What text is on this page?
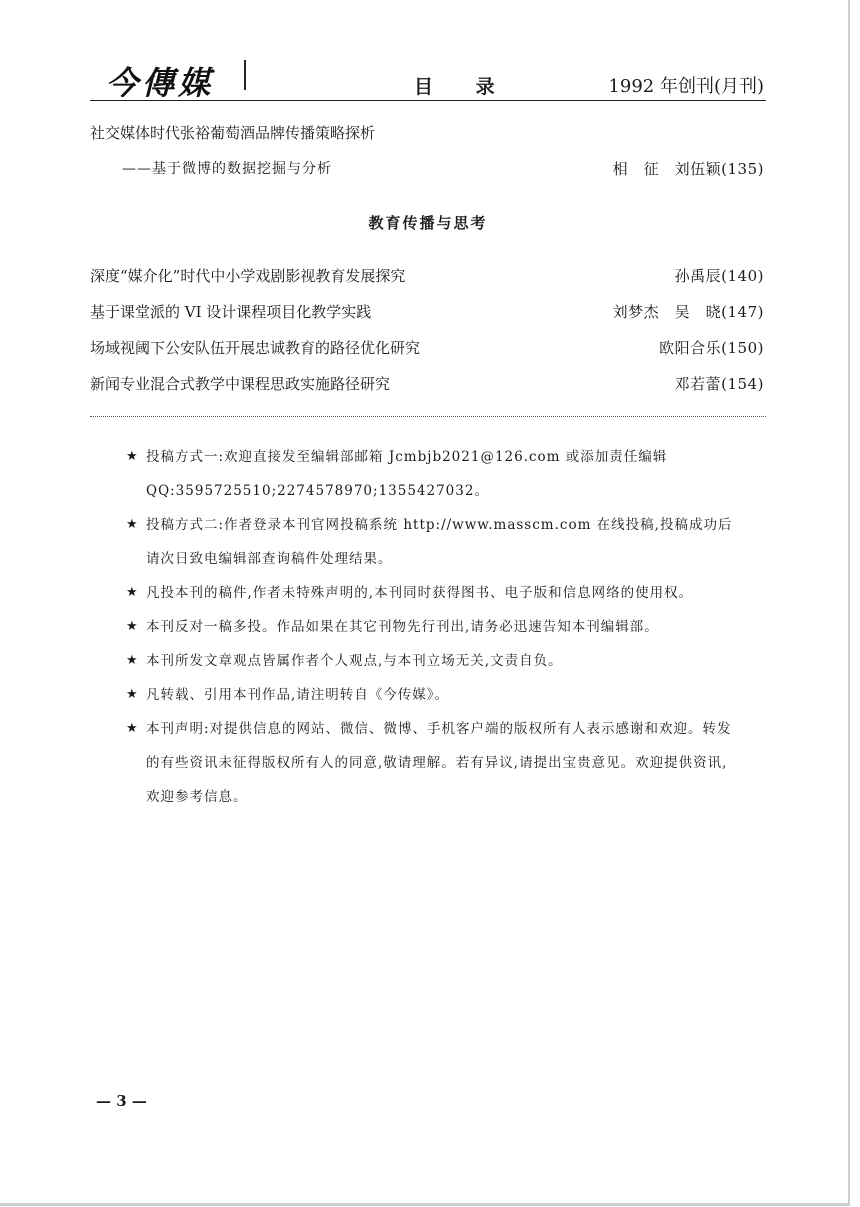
今傳媒	目 录	1992 年创刊(月刊)
社交媒体时代张裕葡萄酒品牌传播策略探析
——基于微博的数据挖掘与分析	相　征　刘伍颖(135)
教育传播与思考
深度“媒介化”时代中小学戏剧影视教育发展探究	孙禹辰(140)
基于课堂派的 VI 设计课程项目化教学实践	刘梦杰　吴　晓(147)
场域视阈下公安队伍开展忠诚教育的路径优化研究	欧阳合乐(150)
新闻专业混合式教学中课程思政实施路径研究	邓若蕾(154)
★ 投稿方式一:欢迎直接发至编辑部邮箱 Jcmbjb2021@126.com 或添加责任编辑 QQ:3595725510;2274578970;1355427032。
★ 投稿方式二:作者登录本刊官网投稿系统 http://www.masscm.com 在线投稿,投稿成功后请次日致电编辑部查询稿件处理结果。
★ 凡投本刊的稿件,作者未特殊声明的,本刊同时获得图书、电子版和信息网络的使用权。
★ 本刊反对一稿多投。作品如果在其它刊物先行刊出,请务必迅速告知本刊编辑部。
★ 本刊所发文章观点皆属作者个人观点,与本刊立场无关,文责自负。
★ 凡转载、引用本刊作品,请注明转自《今传媒》。
★ 本刊声明:对提供信息的网站、微信、微博、手机客户端的版权所有人表示感谢和欢迎。转发的有些资讯未征得版权所有人的同意,敬请理解。若有异议,请提出宝贵意见。欢迎提供资讯,欢迎参考信息。
— 3 —
